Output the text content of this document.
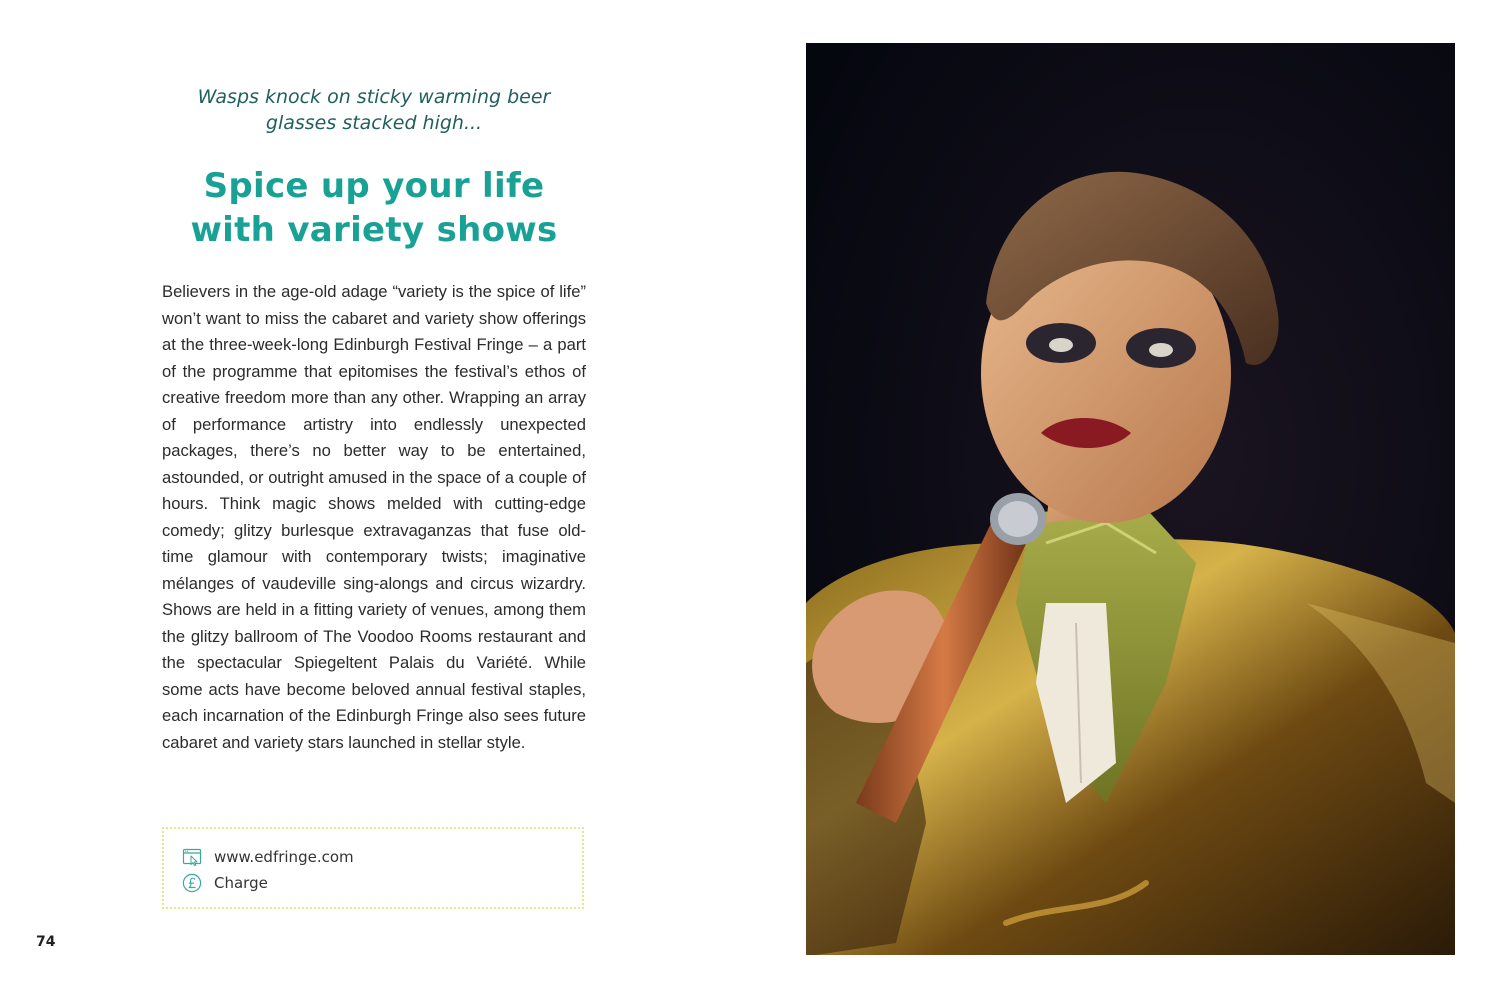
Wasps knock on sticky warming beer glasses stacked high...
Spice up your life
with variety shows

Believers in the age-old adage “variety is the spice of life” won’t want to miss the cabaret and variety show offerings at the three-week-long Edinburgh Festival Fringe – a part of the programme that epitomises the festival’s ethos of creative freedom more than any other. Wrapping an array of performance artistry into endlessly unexpected packages, there’s no better way to be entertained, astounded, or outright amused in the space of a couple of hours. Think magic shows melded with cutting-edge comedy; glitzy burlesque extravaganzas that fuse old-time glamour with contemporary twists; imaginative mélanges of vaudeville sing-alongs and circus wizardry. Shows are held in a fitting variety of venues, among them the glitzy ballroom of The Voodoo Rooms restaurant and the spectacular Spiegeltent Palais du Variété. While some acts have become beloved annual festival staples, each incarnation of the Edinburgh Fringe also sees future cabaret and variety stars launched in stellar style.

www.edfringe.com
Charge
74
